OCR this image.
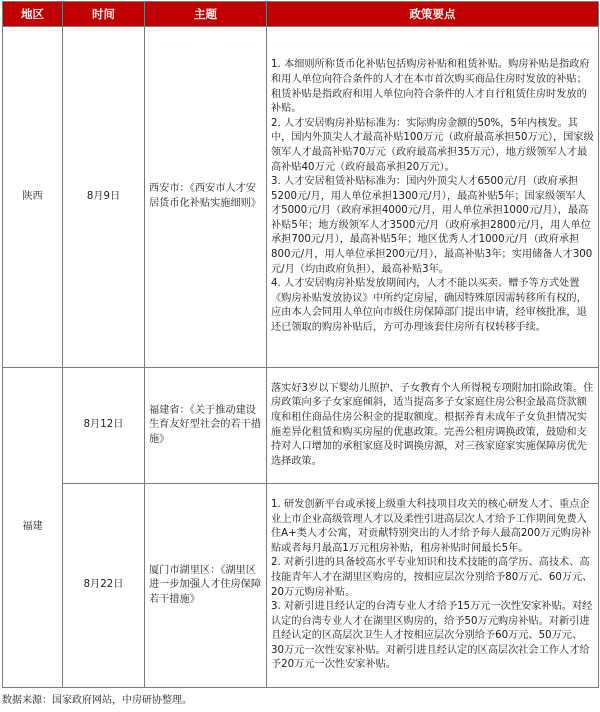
地区	时间	主题	政策要点
陕西	8月9日	西安市：《西安市人才安居货币化补贴实施细则》	1. 本细则所称货币化补贴包括购房补贴和租赁补贴。购房补贴是指政府和用人单位向符合条件的人才在本市首次购买商品住房时发放的补贴；租赁补贴是指政府和用人单位向符合条件的人才自行租赁住房时发放的补贴。
2. 人才安居购房补贴标准为：实际购房金额的50%，5年内核发。其中，国内外顶尖人才最高补贴100万元（政府最高承担50万元），国家级领军人才最高补贴70万元（政府最高承担35万元），地方级领军人才最高补贴40万元（政府最高承担20万元）。
3. 人才安居租赁补贴标准为：国内外顶尖人才6500元/月（政府承担5200元/月，用人单位承担1300元/月），最高补贴5年；国家级领军人才5000元/月（政府承担4000元/月，用人单位承担1000元/月），最高补贴5年；地方级领军人才3500元/月（政府承担2800元/月，用人单位承担700元/月），最高补贴5年；地区优秀人才1000元/月（政府承担800元/月，用人单位承担200元/月），最高补贴3年；实用储备人才300元/月（均由政府负担），最高补贴3年。
4. 人才安居购房补贴发放期间内，人才不能以买卖、赠予等方式处置《购房补贴发放协议》中所约定房屋，确因特殊原因需转移所有权的，应由本人会同用人单位向市级住房保障部门提出申请，经审核批准，退还已领取的购房补贴后，方可办理该套住房所有权转移手续。

福建	8月12日	福建省：《关于推动建设生育友好型社会的若干措施》	落实好3岁以下婴幼儿照护、子女教育个人所得税专项附加扣除政策。住房政策向多子女家庭倾斜，适当提高多子女家庭住房公积金最高贷款额度和租住商品住房公积金的提取额度。根据养育未成年子女负担情况实施差异化租赁和购买房屋的优惠政策。完善公租房调换政策，鼓励和支持对人口增加的承租家庭及时调换房源，对三孩家庭家实施保障房优先选择政策。

	8月22日	厦门市湖里区：《湖里区进一步加强人才住房保障若干措施》	1. 研发创新平台或承接上级重大科技项目攻关的核心研发人才、重点企业上市企业高级管理人才以及柔性引进高层次人才给予工作期间免费入住A+类人才公寓，对贡献特别突出的人才给予每人最高200万元购房补贴或者每月最高1万元租房补贴，租房补贴时间最长5年。
2. 对新引进的具备较高水平专业知识和技术技能的高学历、高技术、高技能青年人才在湖里区购房的，按相应层次分别给予80万元、60万元、20万元购房补贴。
3. 对新引进且经认定的台湾专业人才给予15万元一次性安家补贴。对经认定的台湾专业人才在湖里区购房的，给予50万元购房补贴。对新引进且经认定的区高层次卫生人才按相应层次分别给予60万元、50万元、30万元一次性安家补贴。对新引进且经认定的区高层次社会工作人才给予20万元一次性安家补贴。
数据来源：国家政府网站，中房研协整理。
